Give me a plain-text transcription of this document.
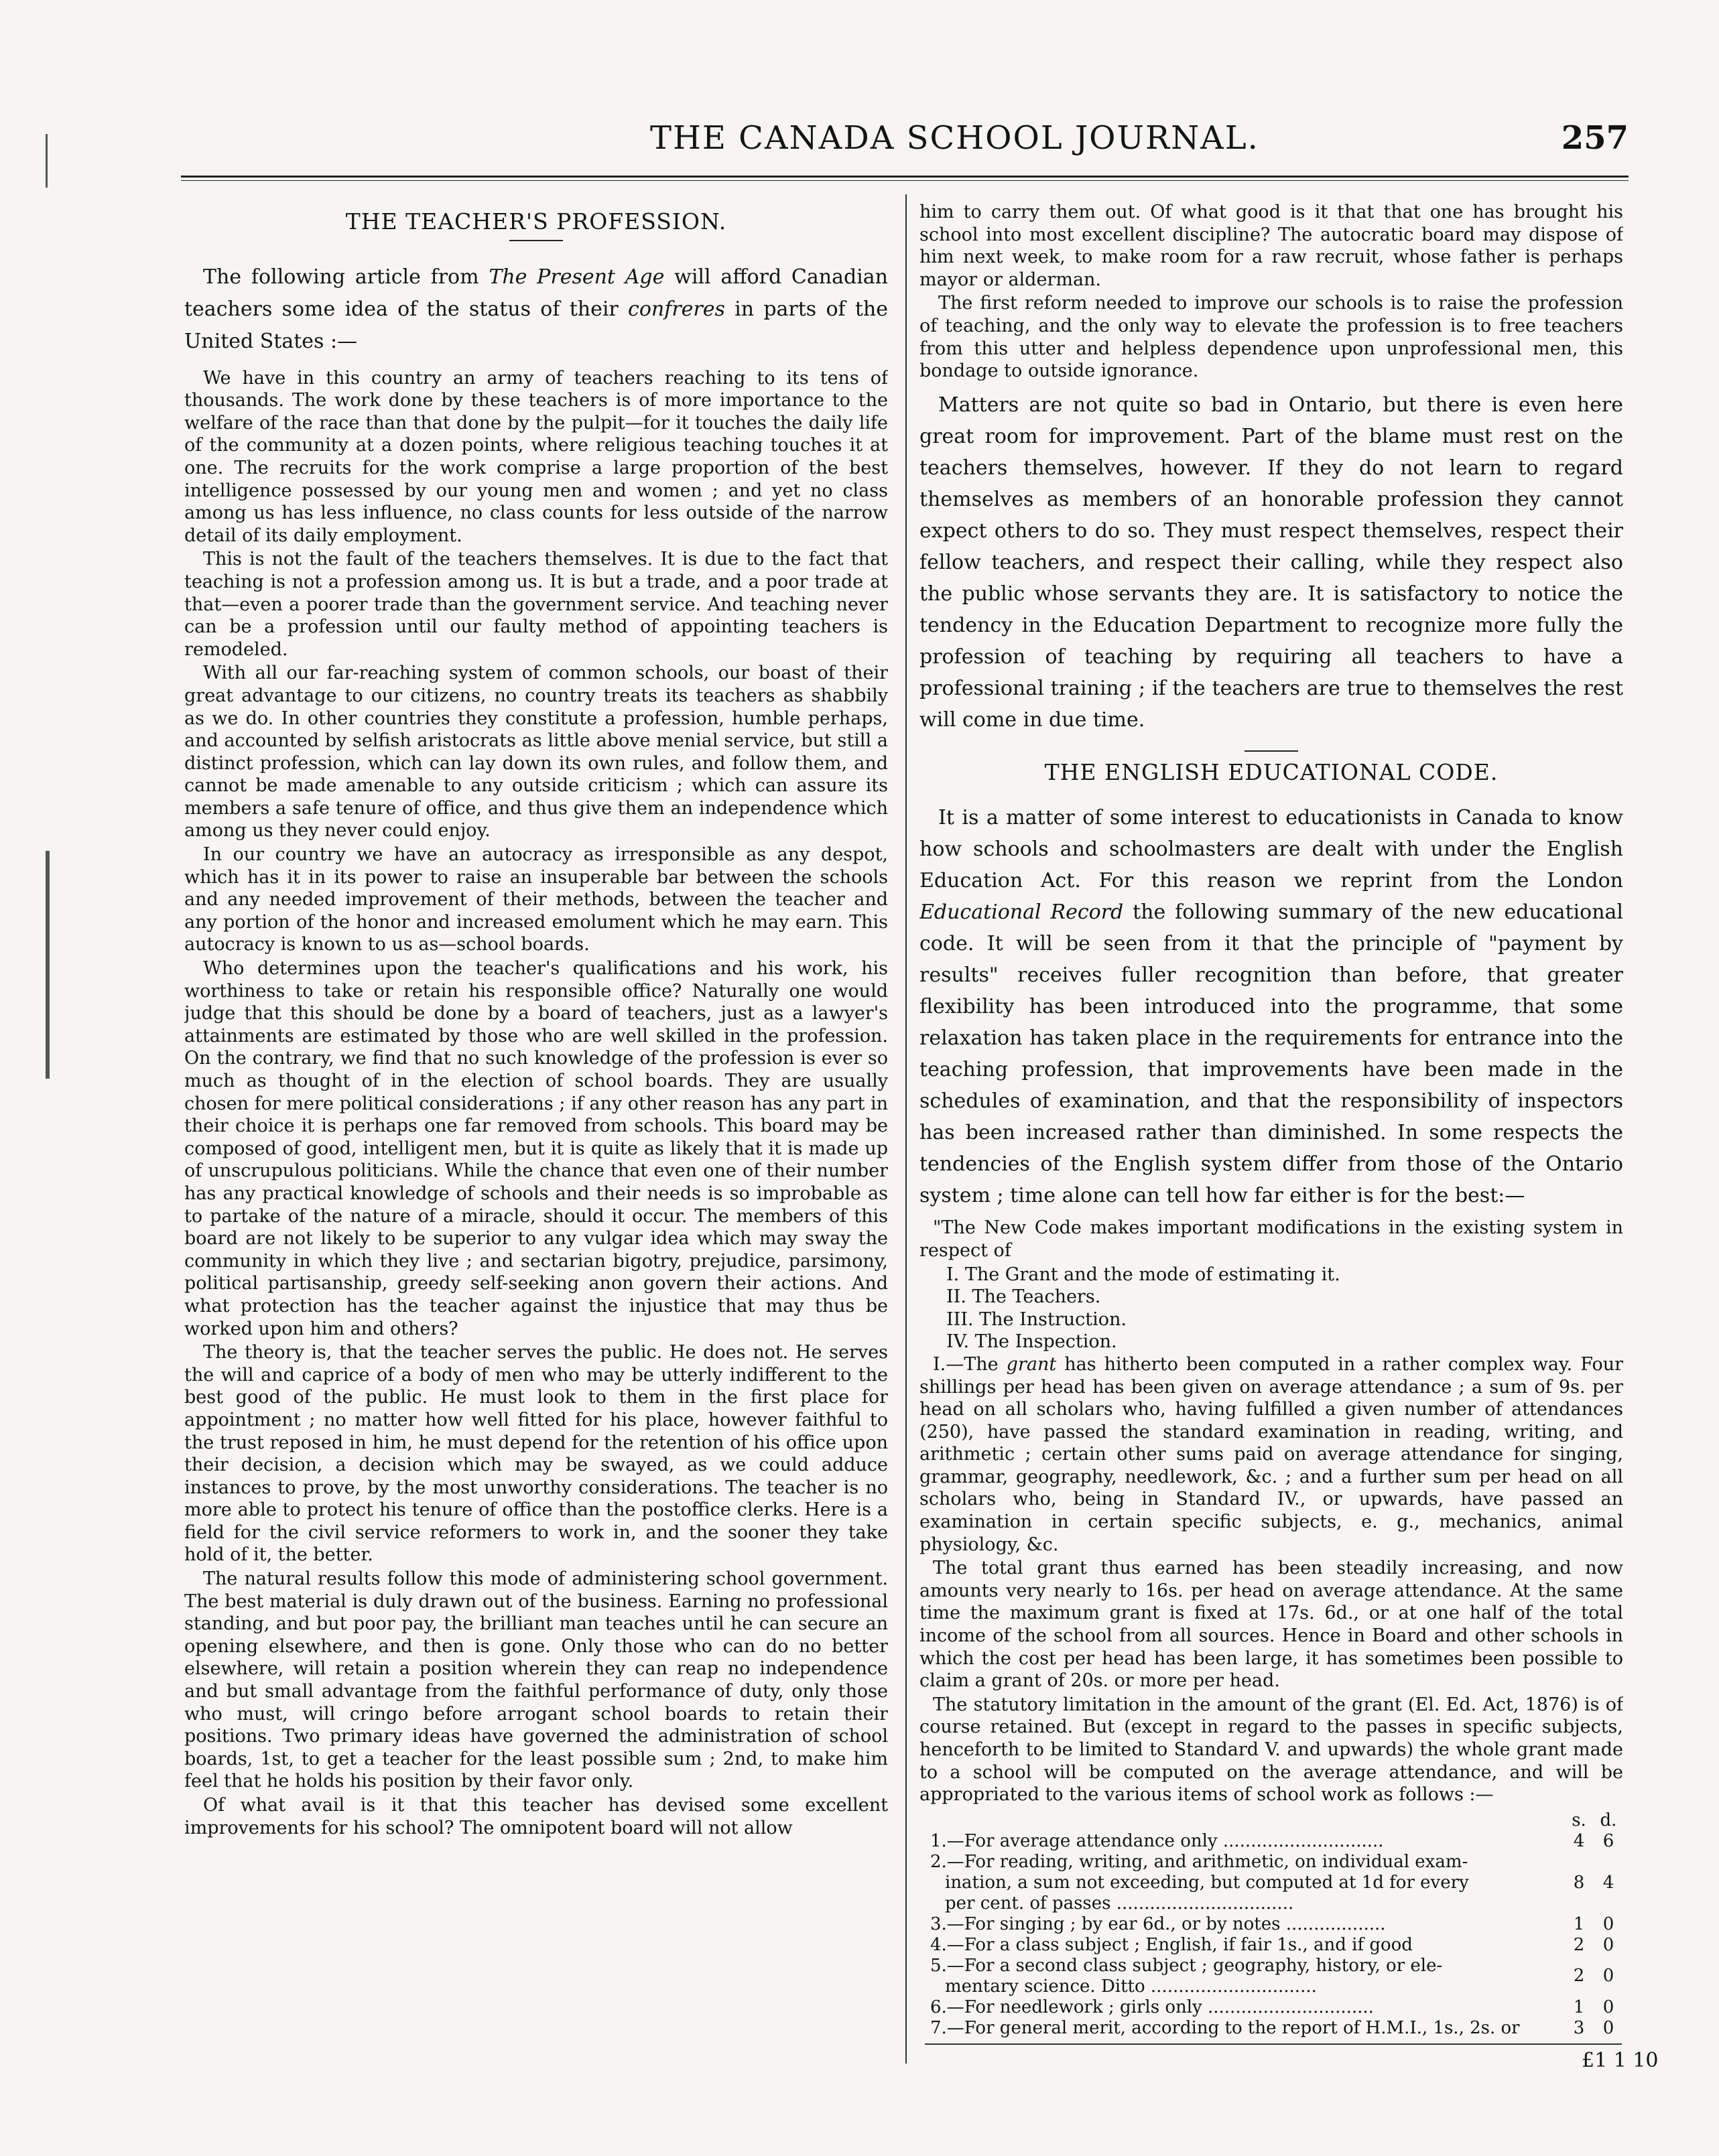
THE CANADA SCHOOL JOURNAL.	257
THE TEACHER'S PROFESSION.

The following article from The Present Age will afford Canadian teachers some idea of the status of their confreres in parts of the United States :—

We have in this country an army of teachers reaching to its tens of thousands. The work done by these teachers is of more importance to the welfare of the race than that done by the pulpit—for it touches the daily life of the community at a dozen points, where religious teaching touches it at one. The recruits for the work comprise a large proportion of the best intelligence possessed by our young men and women ; and yet no class among us has less influence, no class counts for less outside of the narrow detail of its daily employment.

This is not the fault of the teachers themselves. It is due to the fact that teaching is not a profession among us. It is but a trade, and a poor trade at that—even a poorer trade than the government service. And teaching never can be a profession until our faulty method of appointing teachers is remodeled.

With all our far-reaching system of common schools, our boast of their great advantage to our citizens, no country treats its teachers as shabbily as we do. In other countries they constitute a profession, humble perhaps, and accounted by selfish aristocrats as little above menial service, but still a distinct profession, which can lay down its own rules, and follow them, and cannot be made amenable to any outside criticism ; which can assure its members a safe tenure of office, and thus give them an independence which among us they never could enjoy.

In our country we have an autocracy as irresponsible as any despot, which has it in its power to raise an insuperable bar between the schools and any needed improvement of their methods, between the teacher and any portion of the honor and increased emolument which he may earn. This autocracy is known to us as—school boards.

Who determines upon the teacher's qualifications and his work, his worthiness to take or retain his responsible office? Naturally one would judge that this should be done by a board of teachers, just as a lawyer's attainments are estimated by those who are well skilled in the profession. On the contrary, we find that no such knowledge of the profession is ever so much as thought of in the election of school boards. They are usually chosen for mere political considerations ; if any other reason has any part in their choice it is perhaps one far removed from schools. This board may be composed of good, intelligent men, but it is quite as likely that it is made up of unscrupulous politicians. While the chance that even one of their number has any practical knowledge of schools and their needs is so improbable as to partake of the nature of a miracle, should it occur. The members of this board are not likely to be superior to any vulgar idea which may sway the community in which they live ; and sectarian bigotry, prejudice, parsimony, political partisanship, greedy self-seeking anon govern their actions. And what protection has the teacher against the injustice that may thus be worked upon him and others?

The theory is, that the teacher serves the public. He does not. He serves the will and caprice of a body of men who may be utterly indifferent to the best good of the public. He must look to them in the first place for appointment ; no matter how well fitted for his place, however faithful to the trust reposed in him, he must depend for the retention of his office upon their decision, a decision which may be swayed, as we could adduce instances to prove, by the most unworthy considerations. The teacher is no more able to protect his tenure of office than the postoffice clerks. Here is a field for the civil service reformers to work in, and the sooner they take hold of it, the better.

The natural results follow this mode of administering school government. The best material is duly drawn out of the business. Earning no professional standing, and but poor pay, the brilliant man teaches until he can secure an opening elsewhere, and then is gone. Only those who can do no better elsewhere, will retain a position wherein they can reap no independence and but small advantage from the faithful performance of duty, only those who must, will cringo before arrogant school boards to retain their positions. Two primary ideas have governed the administration of school boards, 1st, to get a teacher for the least possible sum ; 2nd, to make him feel that he holds his position by their favor only.

Of what avail is it that this teacher has devised some excellent improvements for his school? The omnipotent board will not allow

him to carry them out. Of what good is it that that one has brought his school into most excellent discipline? The autocratic board may dispose of him next week, to make room for a raw recruit, whose father is perhaps mayor or alderman.

The first reform needed to improve our schools is to raise the profession of teaching, and the only way to elevate the profession is to free teachers from this utter and helpless dependence upon unprofessional men, this bondage to outside ignorance.

Matters are not quite so bad in Ontario, but there is even here great room for improvement. Part of the blame must rest on the teachers themselves, however. If they do not learn to regard themselves as members of an honorable profession they cannot expect others to do so. They must respect themselves, respect their fellow teachers, and respect their calling, while they respect also the public whose servants they are. It is satisfactory to notice the tendency in the Education Department to recognize more fully the profession of teaching by requiring all teachers to have a professional training ; if the teachers are true to themselves the rest will come in due time.

THE ENGLISH EDUCATIONAL CODE.

It is a matter of some interest to educationists in Canada to know how schools and schoolmasters are dealt with under the English Education Act. For this reason we reprint from the London Educational Record the following summary of the new educational code. It will be seen from it that the principle of "payment by results" receives fuller recognition than before, that greater flexibility has been introduced into the programme, that some relaxation has taken place in the requirements for entrance into the teaching profession, that improvements have been made in the schedules of examination, and that the responsibility of inspectors has been increased rather than diminished. In some respects the tendencies of the English system differ from those of the Ontario system ; time alone can tell how far either is for the best:—

"The New Code makes important modifications in the existing system in respect of

I. The Grant and the mode of estimating it.
II. The Teachers.
III. The Instruction.
IV. The Inspection.

I.—The grant has hitherto been computed in a rather complex way. Four shillings per head has been given on average attendance ; a sum of 9s. per head on all scholars who, having fulfilled a given number of attendances (250), have passed the standard examination in reading, writing, and arithmetic ; certain other sums paid on average attendance for singing, grammar, geography, needlework, &c. ; and a further sum per head on all scholars who, being in Standard IV., or upwards, have passed an examination in certain specific subjects, e. g., mechanics, animal physiology, &c.

The total grant thus earned has been steadily increasing, and now amounts very nearly to 16s. per head on average attendance. At the same time the maximum grant is fixed at 17s. 6d., or at one half of the total income of the school from all sources. Hence in Board and other schools in which the cost per head has been large, it has sometimes been possible to claim a grant of 20s. or more per head.

The statutory limitation in the amount of the grant (El. Ed. Act, 1876) is of course retained. But (except in regard to the passes in specific subjects, henceforth to be limited to Standard V. and upwards) the whole grant made to a school will be computed on the average attendance, and will be appropriated to the various items of school work as follows :—

	s.	d.
1.—For average attendance only .............................	4	6
2.—For reading, writing, and arithmetic, on individual exam-
ination, a sum not exceeding, but computed at 1d for every
per cent. of passes ................................	8	4
3.—For singing ; by ear 6d., or by notes ..................	1	0
4.—For a class subject ; English, if fair 1s., and if good	2	0
5.—For a second class subject ; geography, history, or ele-
mentary science. Ditto ..............................	2	0
6.—For needlework ; girls only ..............................	1	0
7.—For general merit, according to the report of H.M.I., 1s., 2s. or	3	0
£1 1 10
